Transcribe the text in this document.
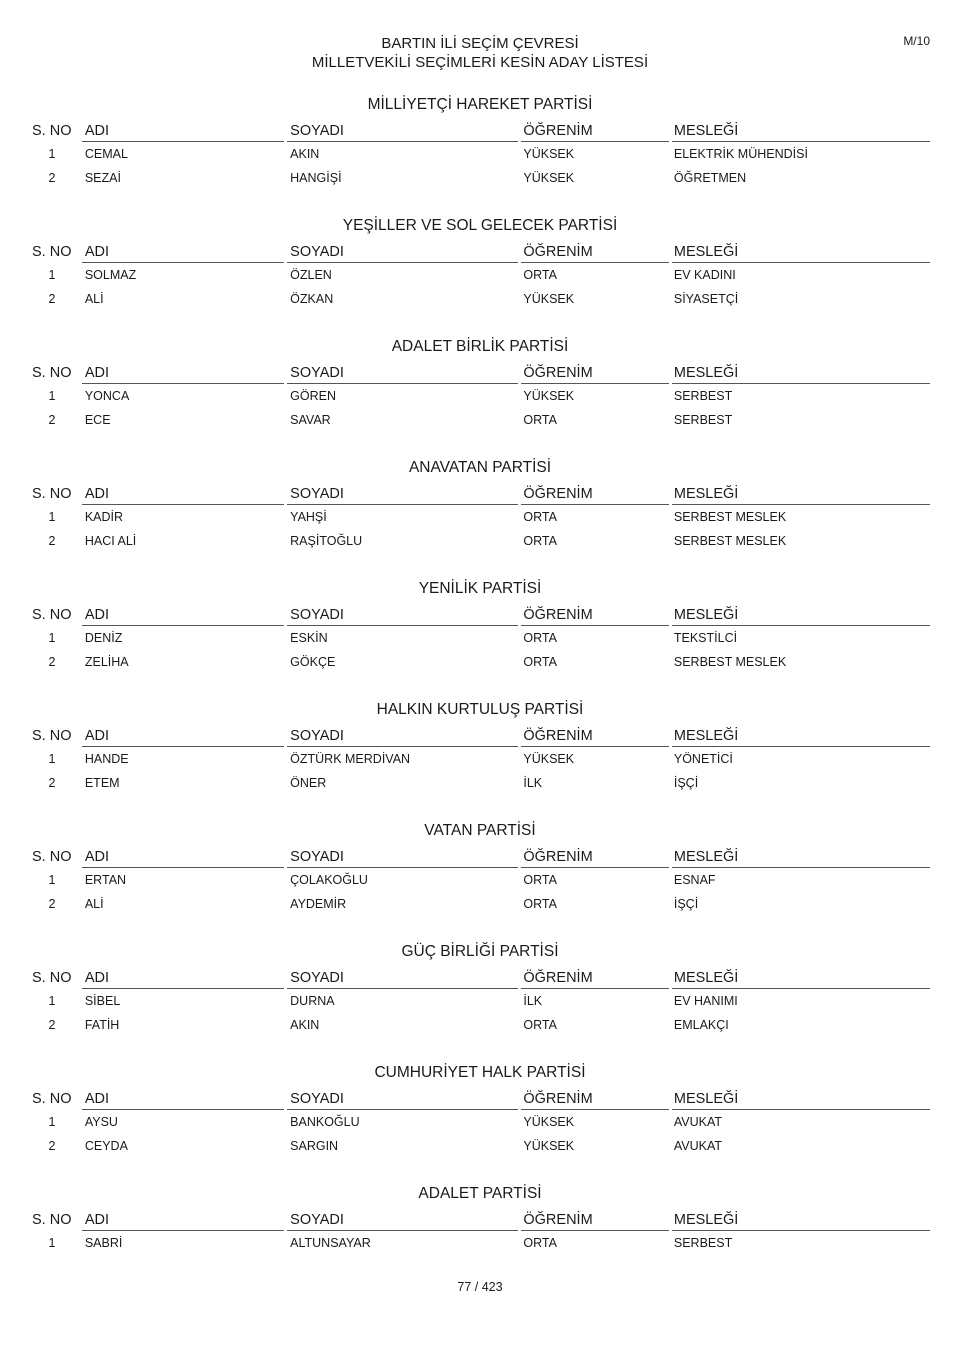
M/10
BARTIN İLİ SEÇİM ÇEVRESİ
MİLLETVEKİLİ SEÇİMLERİ KESİN ADAY LİSTESİ
MİLLİYETÇİ HAREKET PARTİSİ
S. NO ADI	SOYADI	ÖĞRENİM	MESLEĞİ
1	CEMAL	AKIN	YÜKSEK	ELEKTRİK MÜHENDİSİ
2	SEZAİ	HANGİŞİ	YÜKSEK	ÖĞRETMEN
YEŞİLLER VE SOL GELECEK PARTİSİ
S. NO ADI	SOYADI	ÖĞRENİM	MESLEĞİ
1	SOLMAZ	ÖZLEN	ORTA	EV KADINI
2	ALİ	ÖZKAN	YÜKSEK	SİYASETÇİ
ADALET BİRLİK PARTİSİ
S. NO ADI	SOYADI	ÖĞRENİM	MESLEĞİ
1	YONCA	GÖREN	YÜKSEK	SERBEST
2	ECE	SAVAR	ORTA	SERBEST
ANAVATAN PARTİSİ
S. NO ADI	SOYADI	ÖĞRENİM	MESLEĞİ
1	KADİR	YAHŞİ	ORTA	SERBEST MESLEK
2	HACI ALİ	RAŞİTOĞLU	ORTA	SERBEST MESLEK
YENİLİK PARTİSİ
S. NO ADI	SOYADI	ÖĞRENİM	MESLEĞİ
1	DENİZ	ESKİN	ORTA	TEKSTİLCİ
2	ZELİHA	GÖKÇE	ORTA	SERBEST MESLEK
HALKIN KURTULUŞ PARTİSİ
S. NO ADI	SOYADI	ÖĞRENİM	MESLEĞİ
1	HANDE	ÖZTÜRK MERDİVAN	YÜKSEK	YÖNETİCİ
2	ETEM	ÖNER	İLK	İŞÇİ
VATAN PARTİSİ
S. NO ADI	SOYADI	ÖĞRENİM	MESLEĞİ
1	ERTAN	ÇOLAKOĞLU	ORTA	ESNAF
2	ALİ	AYDEMİR	ORTA	İŞÇİ
GÜÇ BİRLİĞİ PARTİSİ
S. NO ADI	SOYADI	ÖĞRENİM	MESLEĞİ
1	SİBEL	DURNA	İLK	EV HANIMI
2	FATİH	AKIN	ORTA	EMLAKÇI
CUMHURİYET HALK PARTİSİ
S. NO ADI	SOYADI	ÖĞRENİM	MESLEĞİ
1	AYSU	BANKOĞLU	YÜKSEK	AVUKAT
2	CEYDA	SARGIN	YÜKSEK	AVUKAT
ADALET PARTİSİ
S. NO ADI	SOYADI	ÖĞRENİM	MESLEĞİ
1	SABRİ	ALTUNSAYAR	ORTA	SERBEST
77 / 423
